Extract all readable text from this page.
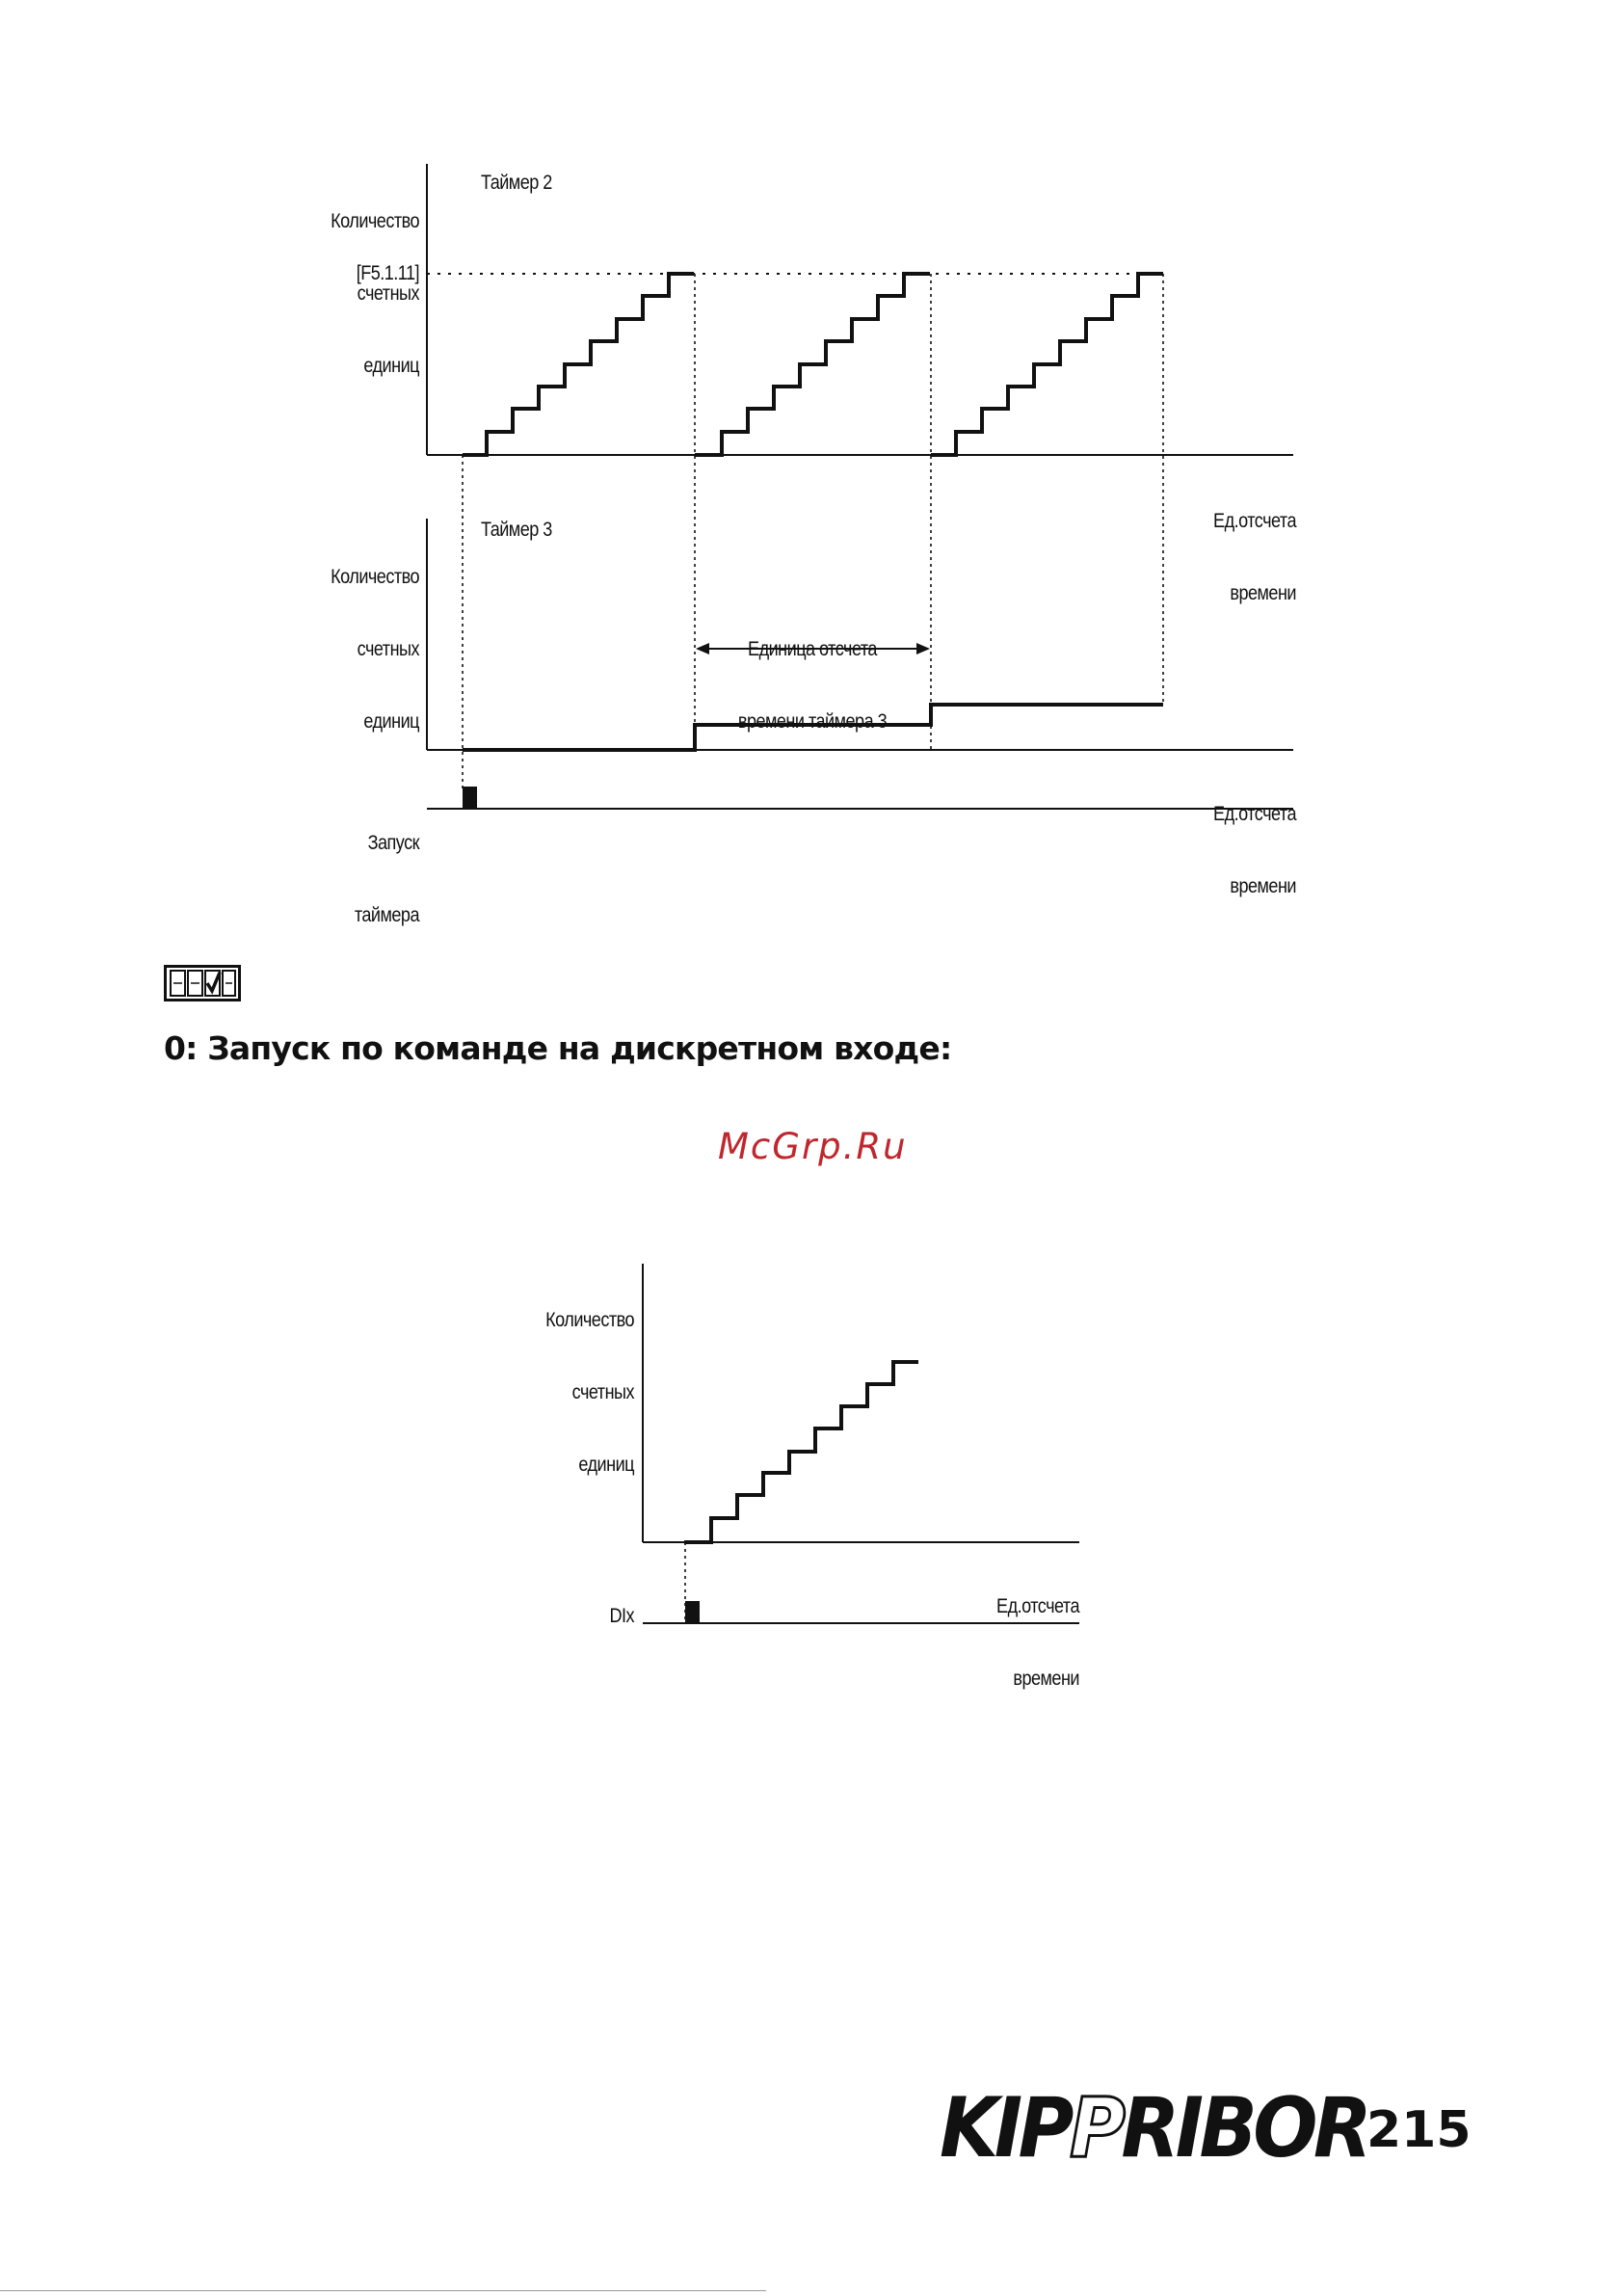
Количество

счетных

единиц

Таймер 2
[F5.1.11]

Ед.отсчета

времени

Количество

счетных

единиц

Таймер 3

Единица отсчета

времени таймера 3

Ед.отсчета

времени

Запуск

таймера

0: Запуск по команде на дискретном входе:
McGrp.Ru

Количество

счетных

единиц

Ед.отсчета

времени

DIx
KIPPRIBOR
215
